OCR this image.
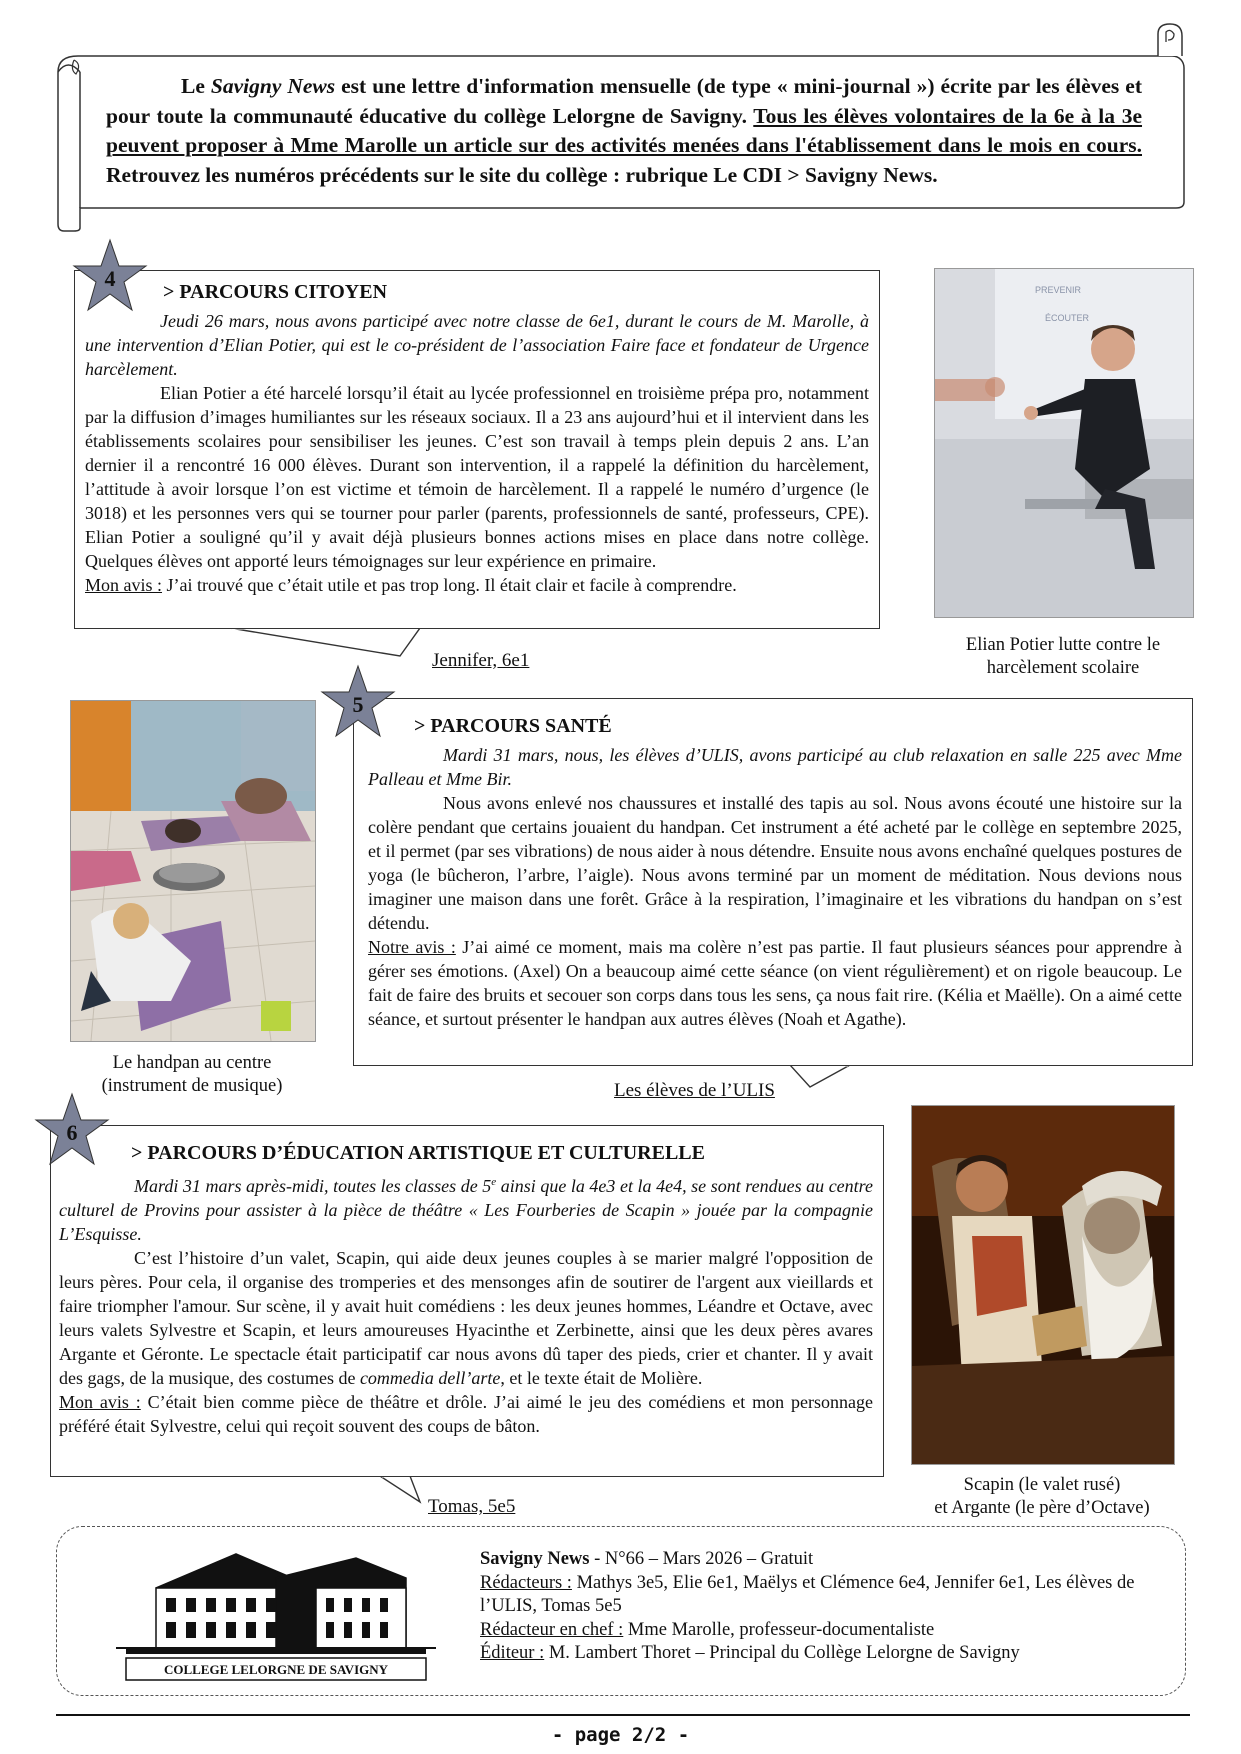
Le Savigny News est une lettre d'information mensuelle (de type « mini-journal ») écrite par les élèves et pour toute la communauté éducative du collège Lelorgne de Savigny. Tous les élèves volontaires de la 6e à la 3e peuvent proposer à Mme Marolle un article sur des activités menées dans l'établissement dans le mois en cours. Retrouvez les numéros précédents sur le site du collège : rubrique Le CDI > Savigny News.
> PARCOURS CITOYEN

Jeudi 26 mars, nous avons participé avec notre classe de 6e1, durant le cours de M. Marolle, à une intervention d’Elian Potier, qui est le co-président de l’association Faire face et fondateur de Urgence harcèlement.

Elian Potier a été harcelé lorsqu’il était au lycée professionnel en troisième prépa pro, notamment par la diffusion d’images humiliantes sur les réseaux sociaux. Il a 23 ans aujourd’hui et il intervient dans les établissements scolaires pour sensibiliser les jeunes. C’est son travail à temps plein depuis 2 ans. L’an dernier il a rencontré 16 000 élèves. Durant son intervention, il a rappelé la définition du harcèlement, l’attitude à avoir lorsque l’on est victime et témoin de harcèlement. Il a rappelé le numéro d’urgence (le 3018) et les personnes vers qui se tourner pour parler (parents, professionnels de santé, professeurs, CPE). Elian Potier a souligné qu’il y avait déjà plusieurs bonnes actions mises en place dans notre collège. Quelques élèves ont apporté leurs témoignages sur leur expérience en primaire.

Mon avis : J’ai trouvé que c’était utile et pas trop long. Il était clair et facile à comprendre.

4
Jennifer, 6e1
PREVENIR
ÉCOUTER
Elian Potier lutte contre le harcèlement scolaire
Le handpan au centre (instrument de musique)
> PARCOURS SANTÉ

Mardi 31 mars, nous, les élèves d’ULIS, avons participé au club relaxation en salle 225 avec Mme Palleau et Mme Bir.

Nous avons enlevé nos chaussures et installé des tapis au sol. Nous avons écouté une histoire sur la colère pendant que certains jouaient du handpan. Cet instrument a été acheté par le collège en septembre 2025, et il permet (par ses vibrations) de nous aider à nous détendre. Ensuite nous avons enchaîné quelques postures de yoga (le bûcheron, l’arbre, l’aigle). Nous avons terminé par un moment de méditation. Nous devions nous imaginer une maison dans une forêt. Grâce à la respiration, l’imaginaire et les vibrations du handpan on s’est détendu.

Notre avis : J’ai aimé ce moment, mais ma colère n’est pas partie. Il faut plusieurs séances pour apprendre à gérer ses émotions. (Axel) On a beaucoup aimé cette séance (on vient régulièrement) et on rigole beaucoup. Le fait de faire des bruits et secouer son corps dans tous les sens, ça nous fait rire. (Kélia et Maëlle). On a aimé cette séance, et surtout présenter le handpan aux autres élèves (Noah et Agathe).

5
Les élèves de l’ULIS
> PARCOURS D’ÉDUCATION ARTISTIQUE ET CULTURELLE

Mardi 31 mars après-midi, toutes les classes de 5e ainsi que la 4e3 et la 4e4, se sont rendues au centre culturel de Provins pour assister à la pièce de théâtre « Les Fourberies de Scapin » jouée par la compagnie L’Esquisse.

C’est l’histoire d’un valet, Scapin, qui aide deux jeunes couples à se marier malgré l'opposition de leurs pères. Pour cela, il organise des tromperies et des mensonges afin de soutirer de l'argent aux vieillards et faire triompher l'amour. Sur scène, il y avait huit comédiens : les deux jeunes hommes, Léandre et Octave, avec leurs valets Sylvestre et Scapin, et leurs amoureuses Hyacinthe et Zerbinette, ainsi que les deux pères avares Argante et Géronte. Le spectacle était participatif car nous avons dû taper des pieds, crier et chanter. Il y avait des gags, de la musique, des costumes de commedia dell’arte, et le texte était de Molière.

Mon avis : C’était bien comme pièce de théâtre et drôle. J’ai aimé le jeu des comédiens et mon personnage préféré était Sylvestre, celui qui reçoit souvent des coups de bâton.

6
Tomas, 5e5
Scapin (le valet rusé)
et Argante (le père d’Octave)
COLLEGE LELORGNE DE SAVIGNY
Savigny News - N°66 – Mars 2026 – Gratuit
Rédacteurs : Mathys 3e5, Elie 6e1, Maëlys et Clémence 6e4, Jennifer 6e1, Les élèves de l’ULIS, Tomas 5e5
Rédacteur en chef : Mme Marolle, professeur-documentaliste
Éditeur : M. Lambert Thoret – Principal du Collège Lelorgne de Savigny
- page 2/2 -
